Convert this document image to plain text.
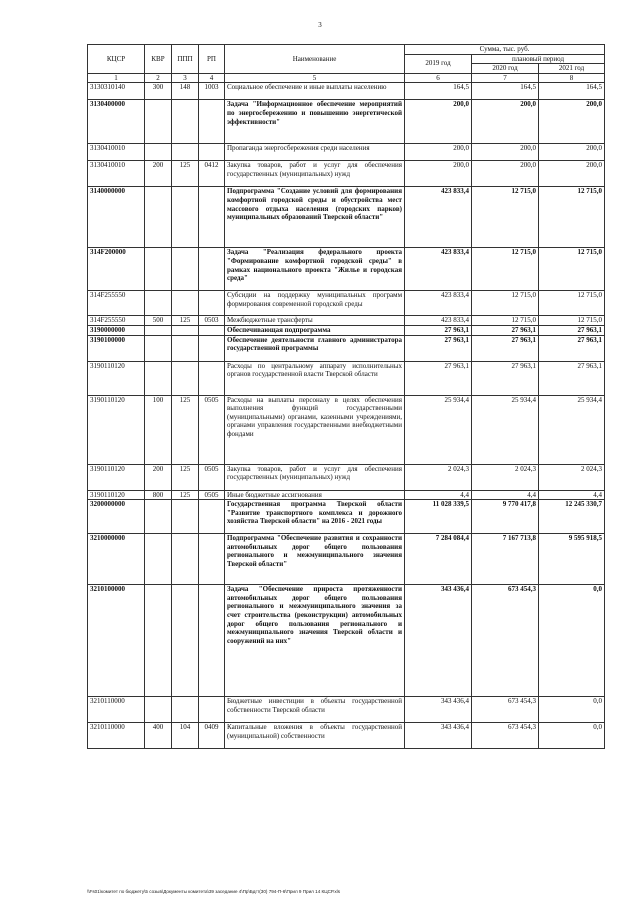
3
КЦСР	КВР	ППП	РП	Наименование	Сумма, тыс. руб.		
					2019 год	плановый период	
						2020 год	2021 год
1	2	3	4	5	6	7	8
3130310140	300	148	1003	Социальное обеспечение и иные выплаты населению	164,5	164,5	164,5
3130400000				Задача "Информационное обеспечение мероприятий по энергосбережению и повышению энергетической эффективности"	200,0	200,0	200,0
3130410010				Пропаганда энергосбережения среди населения	200,0	200,0	200,0
3130410010	200	125	0412	Закупка товаров, работ и услуг для обеспечения государственных (муниципальных) нужд	200,0	200,0	200,0
3140000000				Подпрограмма "Создание условий для формирования комфортной городской среды и обустройства мест массового отдыха населения (городских парков) муниципальных образований Тверской области"	423 833,4	12 715,0	12 715,0
314F200000				Задача "Реализация федерального проекта "Формирование комфортной городской среды" в рамках национального проекта "Жилье и городская среда"	423 833,4	12 715,0	12 715,0
314F255550				Субсидии на поддержку муниципальных программ формирования современной городской среды	423 833,4	12 715,0	12 715,0
314F255550	500	125	0503	Межбюджетные трансферты	423 833,4	12 715,0	12 715,0
3190000000				Обеспечивающая подпрограмма	27 963,1	27 963,1	27 963,1
3190100000				Обеспечение деятельности главного администратора государственной программы	27 963,1	27 963,1	27 963,1
3190110120				Расходы по центральному аппарату исполнительных органов государственной власти Тверской области	27 963,1	27 963,1	27 963,1
3190110120	100	125	0505	Расходы на выплаты персоналу в целях обеспечения выполнения функций государственными (муниципальными) органами, казенными учреждениями, органами управления государственными внебюджетными фондами	25 934,4	25 934,4	25 934,4
3190110120	200	125	0505	Закупка товаров, работ и услуг для обеспечения государственных (муниципальных) нужд	2 024,3	2 024,3	2 024,3
3190110120	800	125	0505	Иные бюджетные ассигнования	4,4	4,4	4,4
3200000000				Государственная программа Тверской области "Развитие транспортного комплекса и дорожного хозяйства Тверской области" на 2016 - 2021 годы	11 028 339,5	9 770 417,8	12 245 330,7
3210000000				Подпрограмма "Обеспечение развития и сохранности автомобильных дорог общего пользования регионального и межмуниципального значения Тверской области"	7 284 084,4	7 167 713,8	9 595 918,5
3210100000				Задача "Обеспечение прироста протяженности автомобильных дорог общего пользования регионального и межмуниципального значения за счет строительства (реконструкции) автомобильных дорог общего пользования регионального и межмуниципального значения Тверской области и сооружений на них"	343 436,4	673 454,3	0,0
3210110000				Бюджетные инвестиции в объекты государственной собственности Тверской области	343 436,4	673 454,3	0,0
3210110000	400	104	0409	Капитальные вложения в объекты государственной (муниципальной) собственности	343 436,4	673 454,3	0,0
\\Fs01\комитет по бюджету\5 созыв\Документы комитета\39 заседание 4\Пр\Бдгт(30) 794-П-6\Прил 9 Прил 14 КЦСР.xls
